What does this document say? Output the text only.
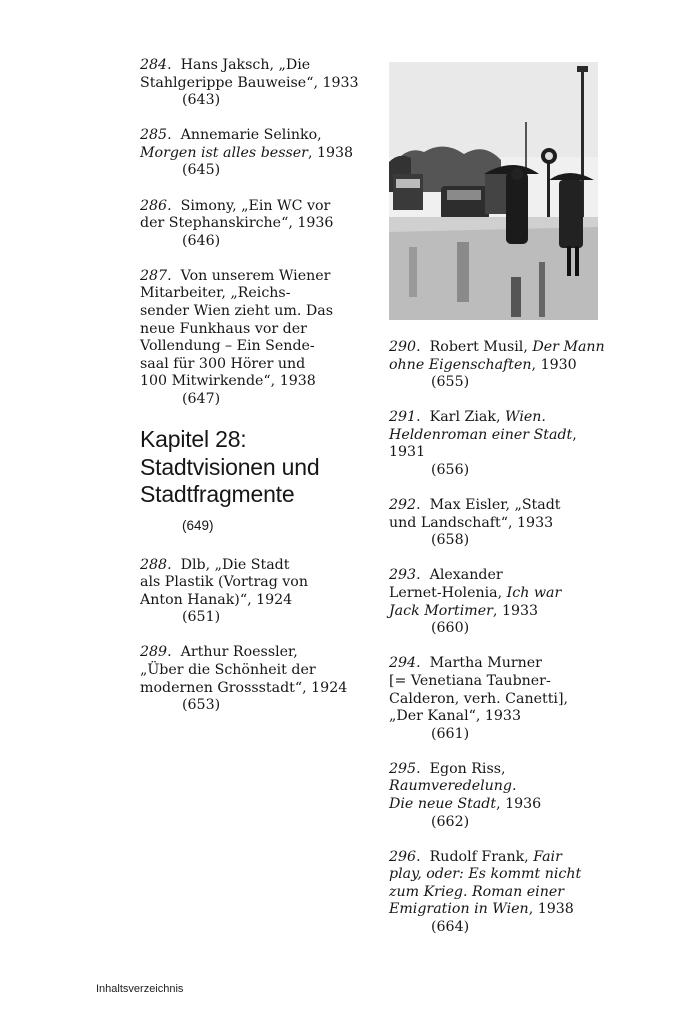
284. Hans Jaksch, „Die
Stahlgerippe Bauweise“, 1933
(643)
285. Annemarie Selinko,
Morgen ist alles besser, 1938
(645)
286. Simony, „Ein WC vor
der Stephanskirche“, 1936
(646)
287. Von unserem Wiener
Mitarbeiter, „Reichs-
sender Wien zieht um. Das
neue Funkhaus vor der
Vollendung – Ein Sende-
saal für 300 Hörer und
100 Mitwirkende“, 1938
(647)
Kapitel 28:
Stadtvisionen und
Stadtfragmente
(649)
288. Dlb, „Die Stadt
als Plastik (Vortrag von
Anton Hanak)“, 1924
(651)
289. Arthur Roessler,
„Über die Schönheit der
modernen Grossstadt“, 1924
(653)
290. Robert Musil, Der Mann
ohne Eigenschaften, 1930
(655)
291. Karl Ziak, Wien.
Heldenroman einer Stadt, 1931
(656)
292. Max Eisler, „Stadt
und Landschaft“, 1933
(658)
293. Alexander
Lernet-Holenia, Ich war
Jack Mortimer, 1933
(660)
294. Martha Murner
[= Venetiana Taubner-
Calderon, verh. Canetti],
„Der Kanal“, 1933
(661)
295. Egon Riss,
Raumveredelung.
Die neue Stadt, 1936
(662)
296. Rudolf Frank, Fair
play, oder: Es kommt nicht
zum Krieg. Roman einer
Emigration in Wien, 1938
(664)
Inhaltsverzeichnis
